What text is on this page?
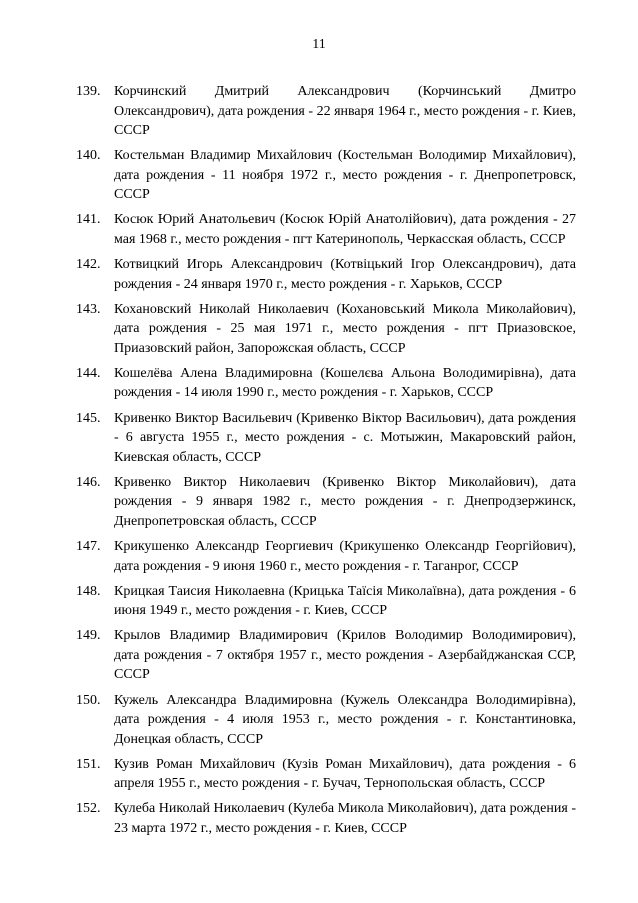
11
139. Корчинский Дмитрий Александрович (Корчинський Дмитро Олександрович), дата рождения - 22 января 1964 г., место рождения - г. Киев, СССР
140. Костельман Владимир Михайлович (Костельман Володимир Михайлович), дата рождения - 11 ноября 1972 г., место рождения - г. Днепропетровск, СССР
141. Косюк Юрий Анатольевич (Косюк Юрій Анатолійович), дата рождения - 27 мая 1968 г., место рождения - пгт Катеринополь, Черкасская область, СССР
142. Котвицкий Игорь Александрович (Котвіцький Ігор Олександрович), дата рождения - 24 января 1970 г., место рождения - г. Харьков, СССР
143. Кохановский Николай Николаевич (Кохановський Микола Миколайович), дата рождения - 25 мая 1971 г., место рождения - пгт Приазовское, Приазовский район, Запорожская область, СССР
144. Кошелёва Алена Владимировна (Кошелєва Альона Володимирівна), дата рождения - 14 июля 1990 г., место рождения - г. Харьков, СССР
145. Кривенко Виктор Васильевич (Кривенко Віктор Васильович), дата рождения - 6 августа 1955 г., место рождения - с. Мотыжин, Макаровский район, Киевская область, СССР
146. Кривенко Виктор Николаевич (Кривенко Віктор Миколайович), дата рождения - 9 января 1982 г., место рождения - г. Днепродзержинск, Днепропетровская область, СССР
147. Крикушенко Александр Георгиевич (Крикушенко Олександр Георгійович), дата рождения - 9 июня 1960 г., место рождения - г. Таганрог, СССР
148. Крицкая Таисия Николаевна (Крицька Таїсія Миколаївна), дата рождения - 6 июня 1949 г., место рождения - г. Киев, СССР
149. Крылов Владимир Владимирович (Крилов Володимир Володимирович), дата рождения - 7 октября 1957 г., место рождения - Азербайджанская ССР, СССР
150. Кужель Александра Владимировна (Кужель Олександра Володимирівна), дата рождения - 4 июля 1953 г., место рождения - г. Константиновка, Донецкая область, СССР
151. Кузив Роман Михайлович (Кузів Роман Михайлович), дата рождения - 6 апреля 1955 г., место рождения - г. Бучач, Тернопольская область, СССР
152. Кулеба Николай Николаевич (Кулеба Микола Миколайович), дата рождения - 23 марта 1972 г., место рождения - г. Киев, СССР
